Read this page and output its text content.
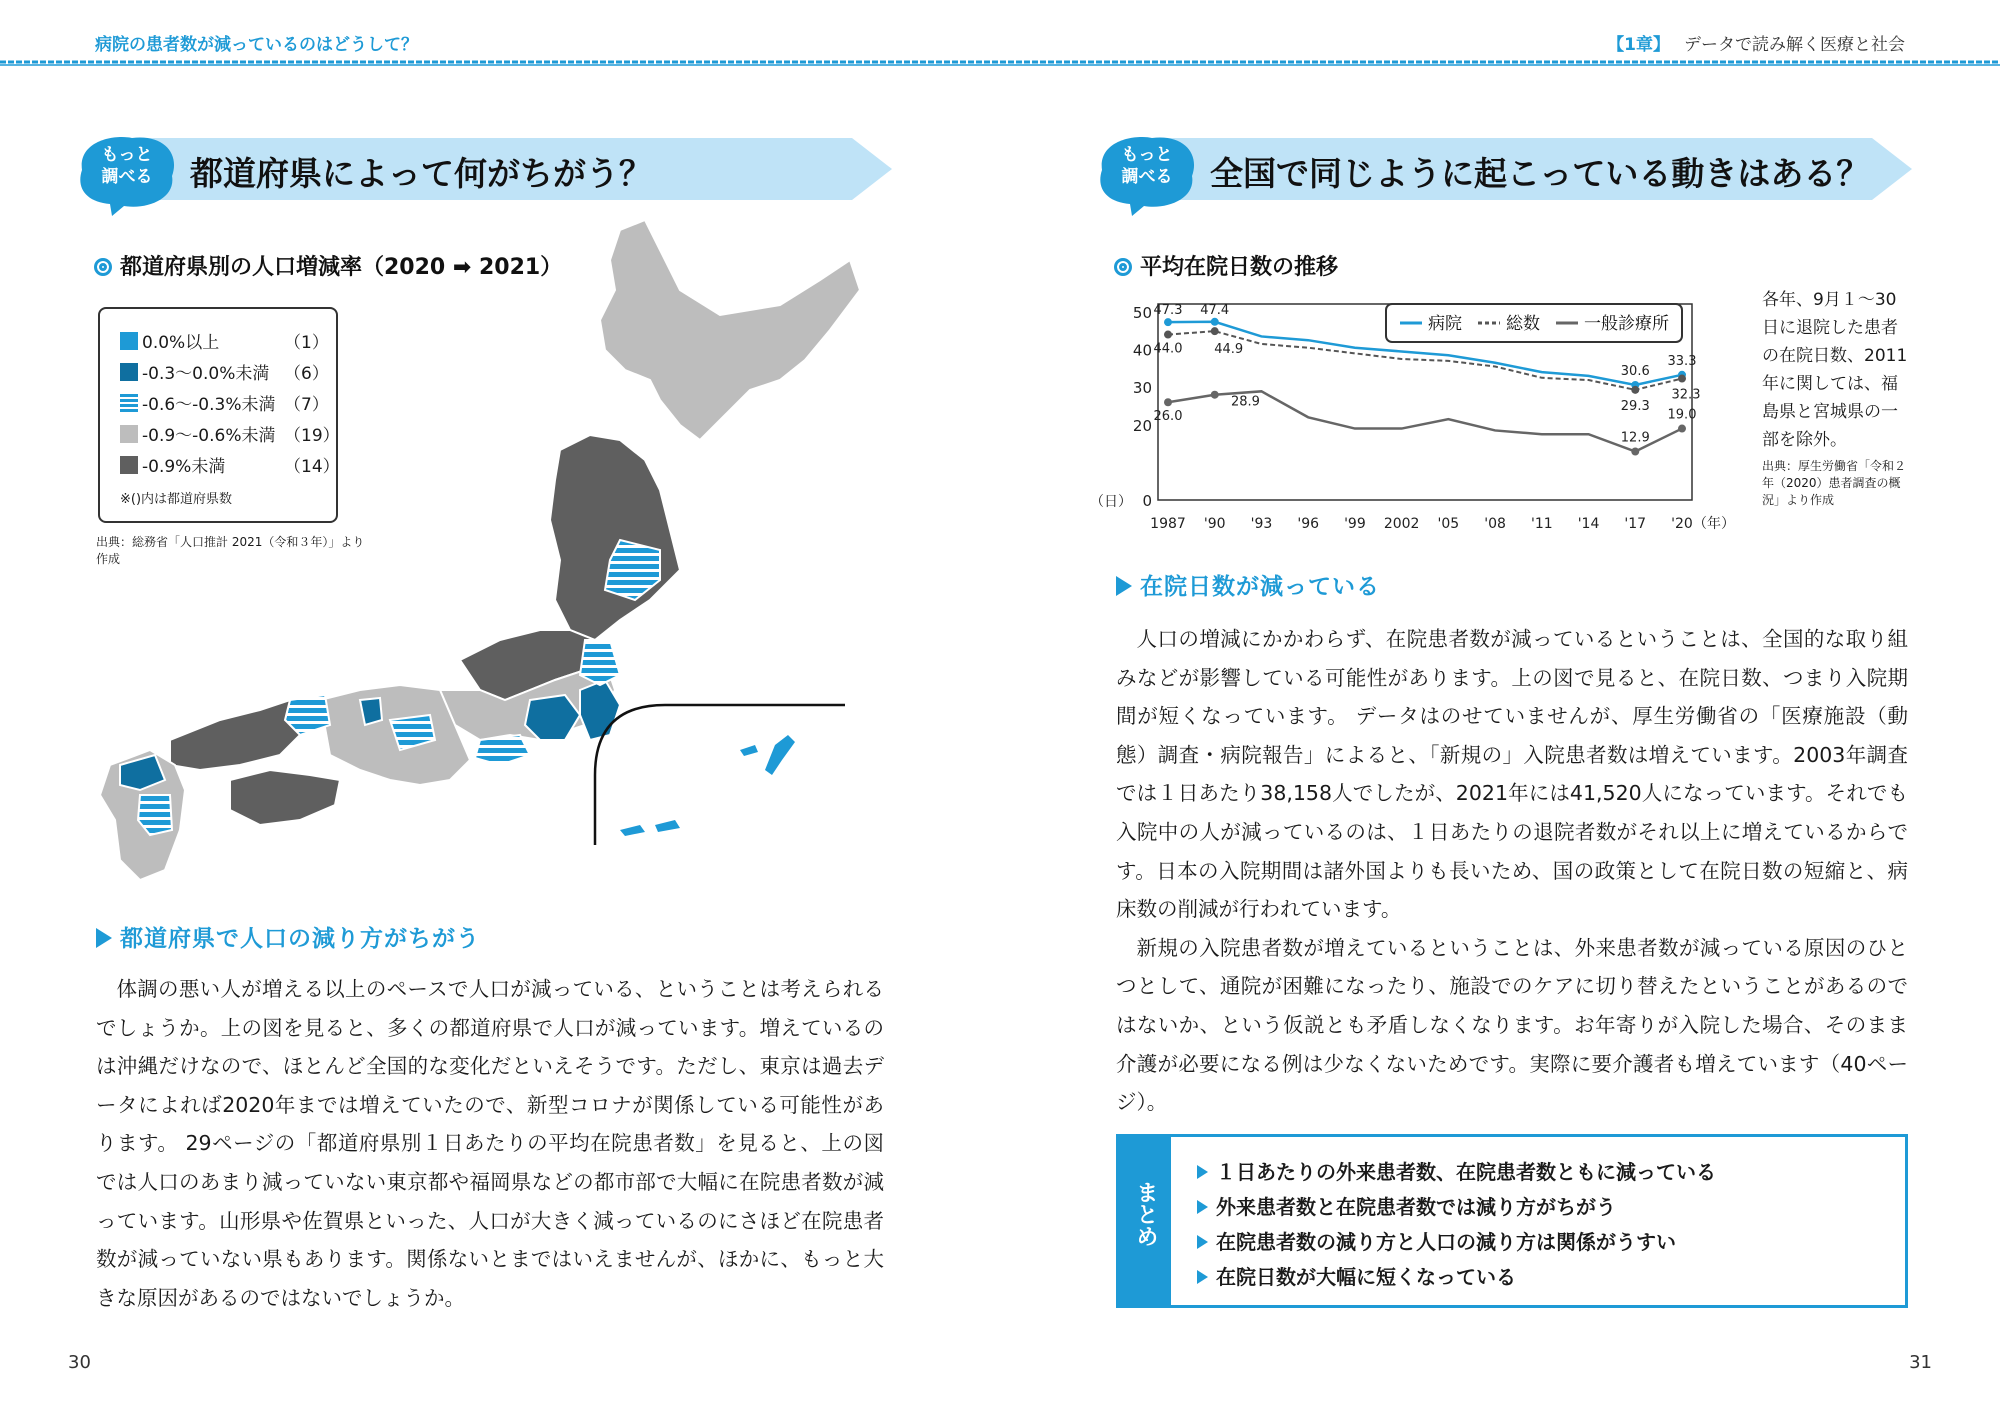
病院の患者数が減っているのはどうして？	【1章】 データで読み解く医療と社会
もっと
調べる	都道府県によって何がちがう？
都道府県別の人口増減率（2020 ➡ 2021）
0.0%以上	（1）
-0.3〜0.0%未満 （6）
-0.6〜-0.3%未満 （7）
-0.9〜-0.6%未満 （19）
-0.9%未満	（14）
※()内は都道府県数
出典：総務省「人口推計 2021（令和３年）」より作成
都道府県で人口の減り方がちがう

体調の悪い人が増える以上のペースで人口が減っている、ということは考えられるでしょうか。上の図を見ると、多くの都道府県で人口が減っています。増えているのは沖縄だけなので、ほとんど全国的な変化だといえそうです。ただし、東京は過去データによれば2020年までは増えていたので、新型コロナが関係している可能性があります。 29ページの「都道府県別１日あたりの平均在院患者数」を見ると、上の図では人口のあまり減っていない東京都や福岡県などの都市部で大幅に在院患者数が減っています。山形県や佐賀県といった、人口が大きく減っているのにさほど在院患者数が減っていない県もあります。関係ないとまではいえませんが、ほかに、もっと大きな原因があるのではないでしょうか。

30
もっと
調べる	全国で同じように起こっている動きはある？
平均在院日数の推移
0
20
30
40
50
（日）
1987 '90 '93 '96 '99 2002 '05 '08 '11 '14 '17 '20 （年）
47.3 47.4
44.0 44.9
30.6
29.3
33.3
32.3
26.0
28.9
12.9
19.0
病院	総数	一般診療所
各年、9月１〜30日に退院した患者の在院日数、2011年に関しては、福島県と宮城県の一部を除外。
出典：厚生労働省「令和２年（2020）患者調査の概況」より作成
在院日数が減っている

人口の増減にかかわらず、在院患者数が減っているということは、全国的な取り組みなどが影響している可能性があります。上の図で見ると、在院日数、つまり入院期間が短くなっています。 データはのせていませんが、厚生労働省の「医療施設（動態）調査・病院報告」によると、「新規の」入院患者数は増えています。2003年調査では１日あたり38,158人でしたが、2021年には41,520人になっています。それでも入院中の人が減っているのは、１日あたりの退院者数がそれ以上に増えているからです。日本の入院期間は諸外国よりも長いため、国の政策として在院日数の短縮と、病床数の削減が行われています。

新規の入院患者数が増えているということは、外来患者数が減っている原因のひとつとして、通院が困難になったり、施設でのケアに切り替えたということがあるのではないか、という仮説とも矛盾しなくなります。お年寄りが入院した場合、そのまま介護が必要になる例は少なくないためです。実際に要介護者も増えています（40ページ）。

まとめ
１日あたりの外来患者数、在院患者数ともに減っている
外来患者数と在院患者数では減り方がちがう
在院患者数の減り方と人口の減り方は関係がうすい
在院日数が大幅に短くなっている
31
